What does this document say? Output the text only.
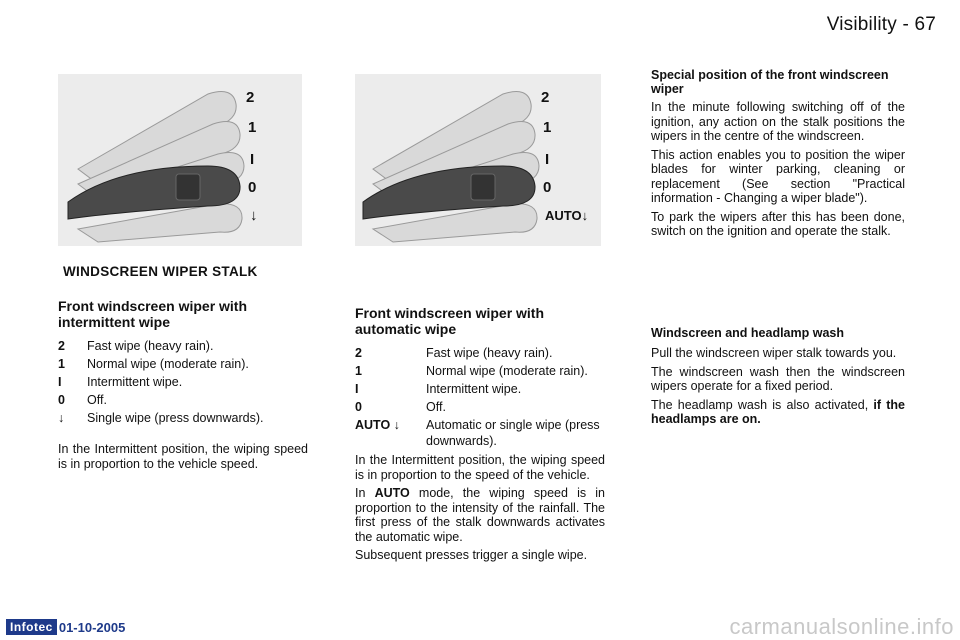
Visibility - 67
2
1
I
0
↓
WINDSCREEN WIPER STALK
2
1
I
0
AUTO↓
Front windscreen wiper with intermittent wipe
2	Fast wipe (heavy rain).
1	Normal wipe (moderate rain).
I	Intermittent wipe.
0	Off.
↓	Single wipe (press downwards).

In the Intermittent position, the wiping speed is in proportion to the vehicle speed.

Front windscreen wiper with automatic wipe
2	Fast wipe (heavy rain).
1	Normal wipe (moderate rain).
I	Intermittent wipe.
0	Off.
AUTO ↓	Automatic or single wipe (press downwards).

In the Intermittent position, the wiping speed is in proportion to the speed of the vehicle.

In AUTO mode, the wiping speed is in proportion to the intensity of the rainfall. The first press of the stalk downwards activates the automatic wipe.

Subsequent presses trigger a single wipe.

Special position of the front windscreen wiper

In the minute following switching off of the ignition, any action on the stalk positions the wipers in the centre of the windscreen.

This action enables you to position the wiper blades for winter parking, cleaning or replacement (See section "Practical information - Changing a wiper blade").

To park the wipers after this has been done, switch on the ignition and operate the stalk.

Windscreen and headlamp wash

Pull the windscreen wiper stalk towards you.

The windscreen wash then the windscreen wipers operate for a fixed period.

The headlamp wash is also activated, if the headlamps are on.

Infotec 01-10-2005	carmanualsonline.info
